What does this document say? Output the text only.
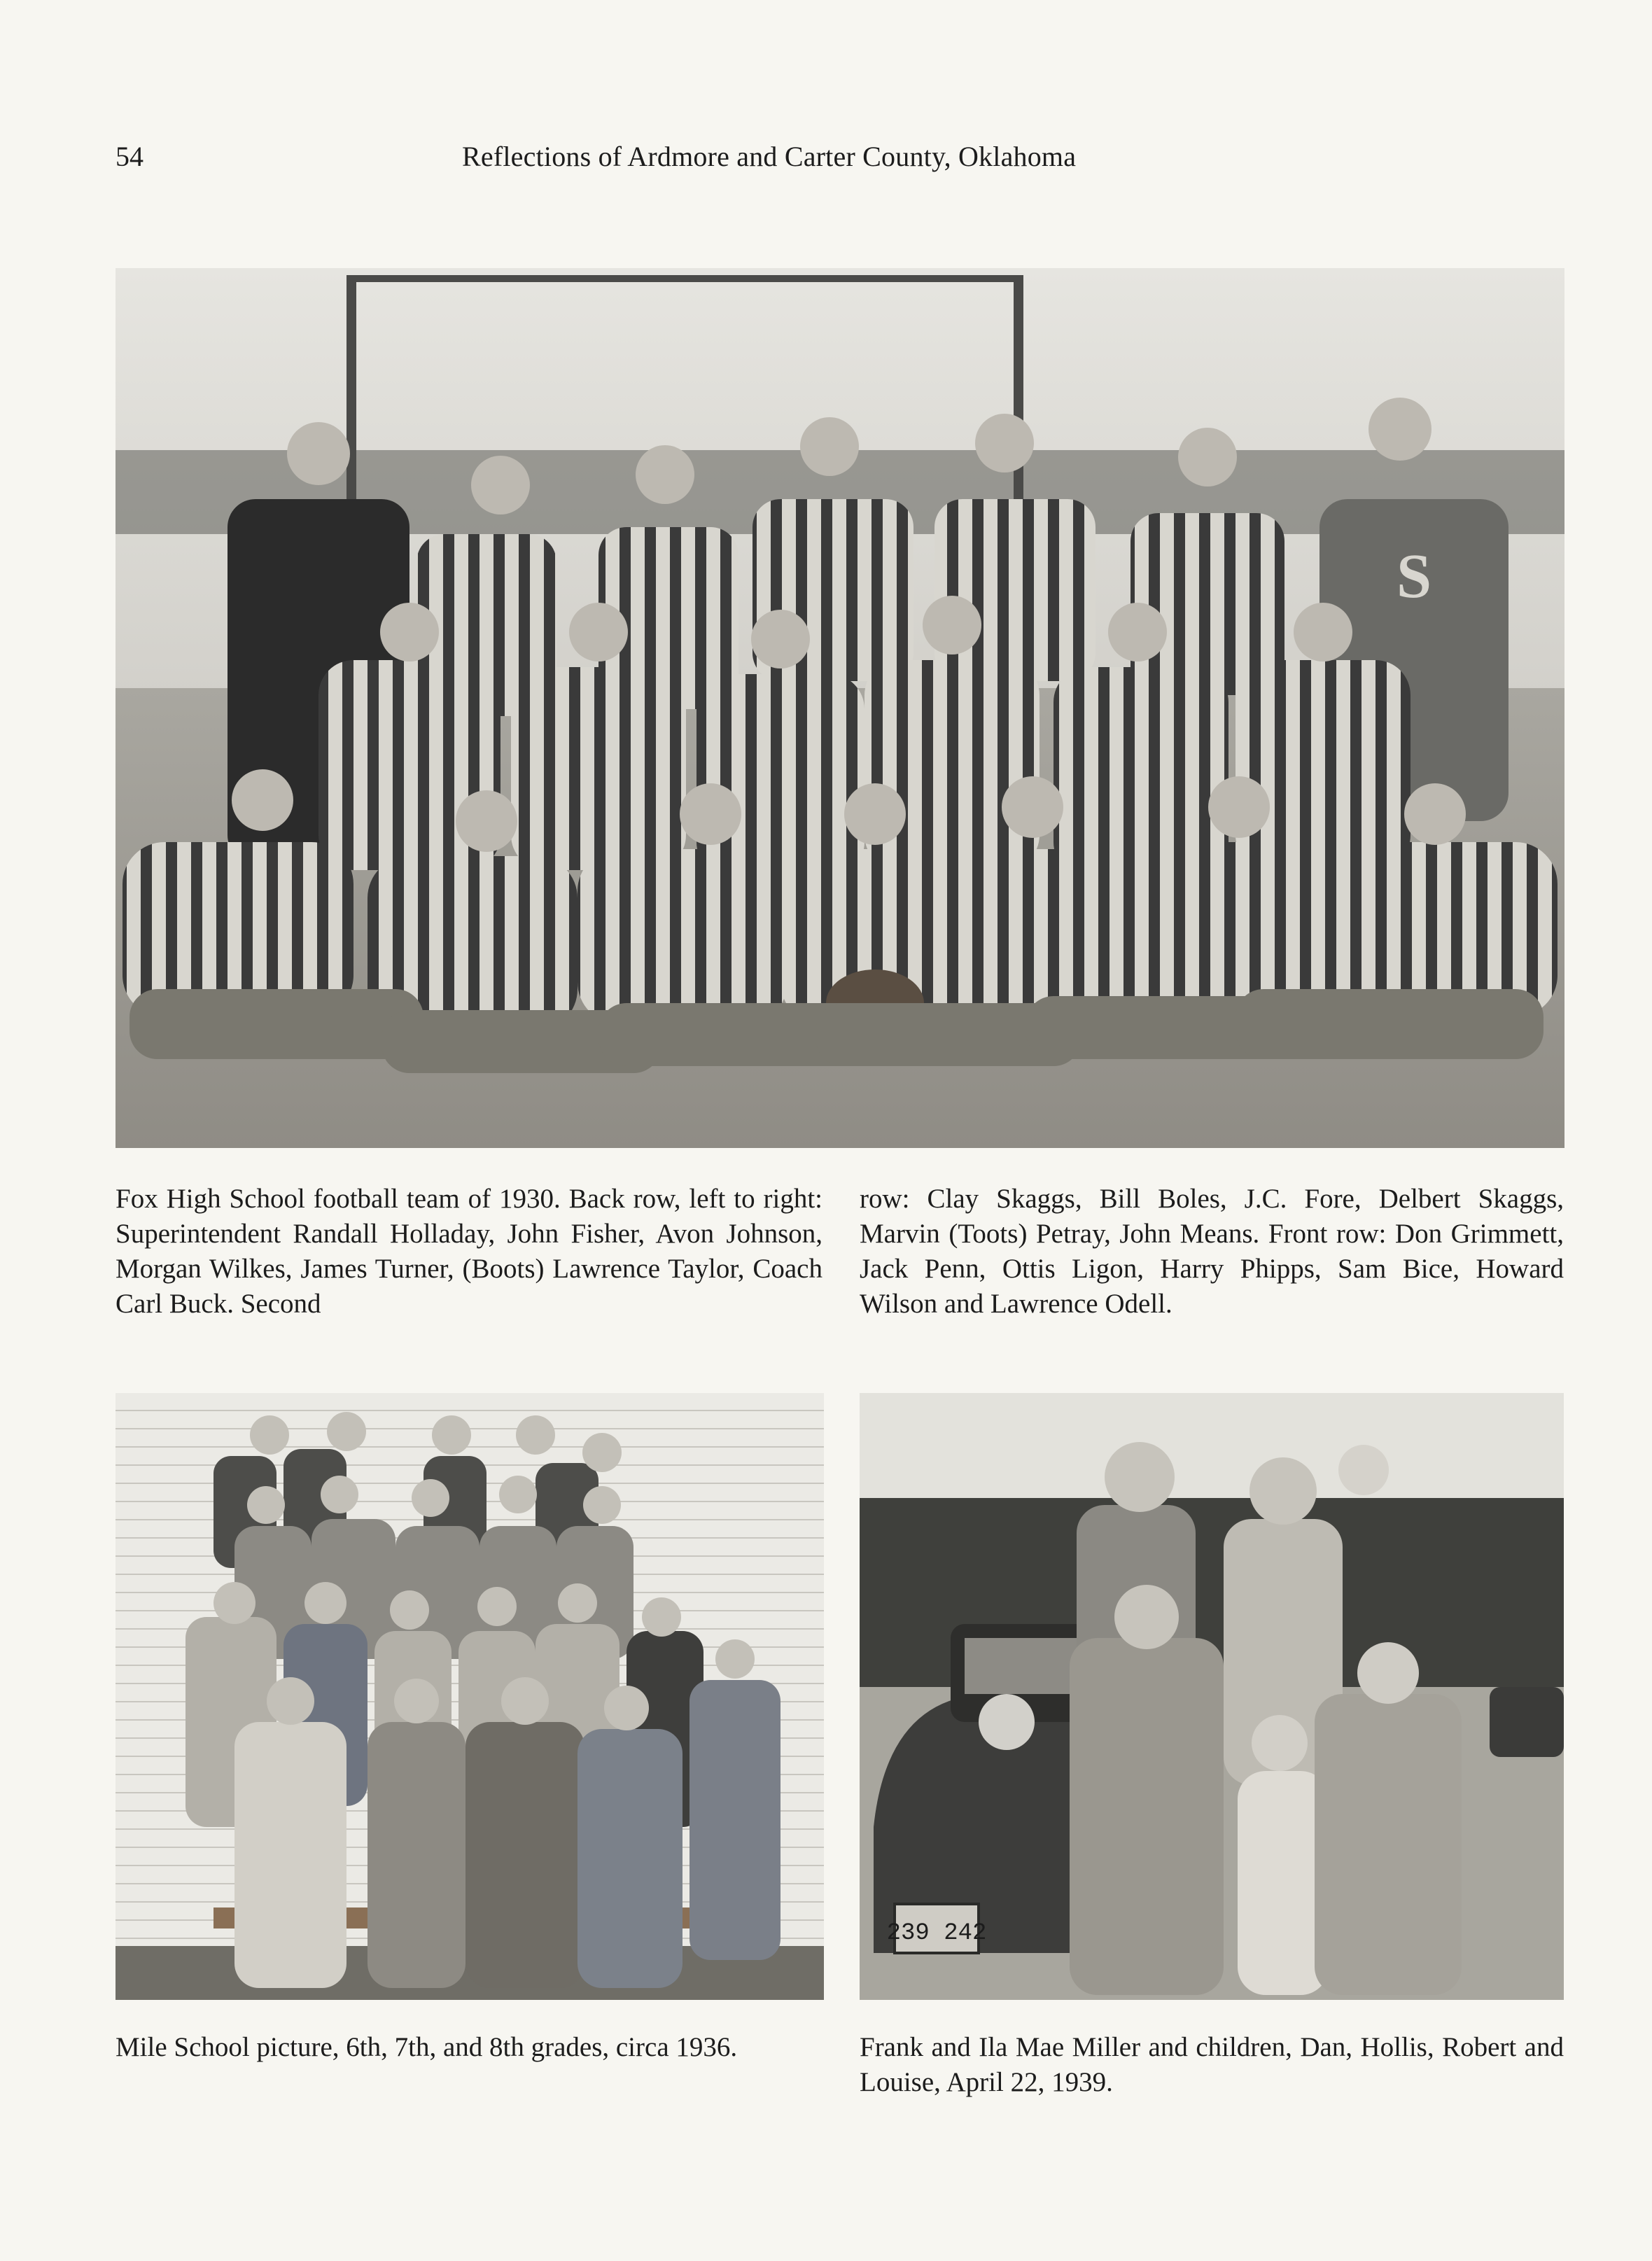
54	Reflections of Ardmore and Carter County, Oklahoma
S
Fox High School football team of 1930. Back row, left to right: Superintendent Randall Holladay, John Fisher, Avon Johnson, Morgan Wilkes, James Turner, (Boots) Lawrence Taylor, Coach Carl Buck. Second
row: Clay Skaggs, Bill Boles, J.C. Fore, Delbert Skaggs, Marvin (Toots) Petray, John Means. Front row: Don Grimmett, Jack Penn, Ottis Ligon, Harry Phipps, Sam Bice, Howard Wilson and Lawrence Odell.
239 242
Mile School picture, 6th, 7th, and 8th grades, circa 1936.	Frank and Ila Mae Miller and children, Dan, Hollis, Robert and Louise, April 22, 1939.
